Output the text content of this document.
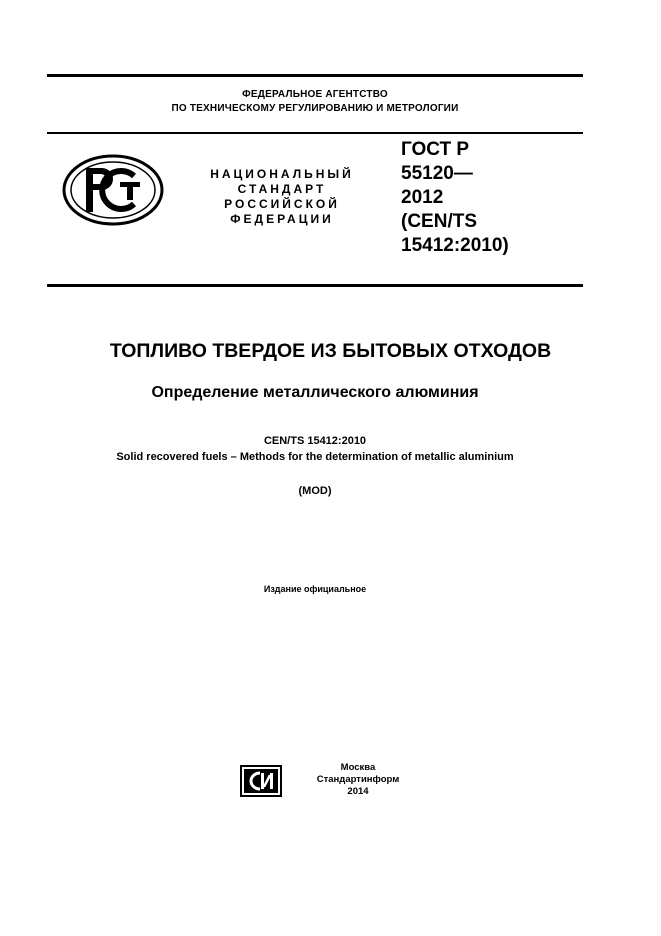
ФЕДЕРАЛЬНОЕ АГЕНТСТВО
ПО ТЕХНИЧЕСКОМУ РЕГУЛИРОВАНИЮ И МЕТРОЛОГИИ
НАЦИОНАЛЬНЫЙ
СТАНДАРТ
РОССИЙСКОЙ
ФЕДЕРАЦИИ
ГОСТ Р
55120—
2012
(CEN/TS
15412:2010)
ТОПЛИВО ТВЕРДОЕ ИЗ БЫТОВЫХ ОТХОДОВ
Определение металлического алюминия
CEN/TS 15412:2010
Solid recovered fuels – Methods for the determination of metallic aluminium
(MOD)
Издание официальное
Москва
Стандартинформ
2014
